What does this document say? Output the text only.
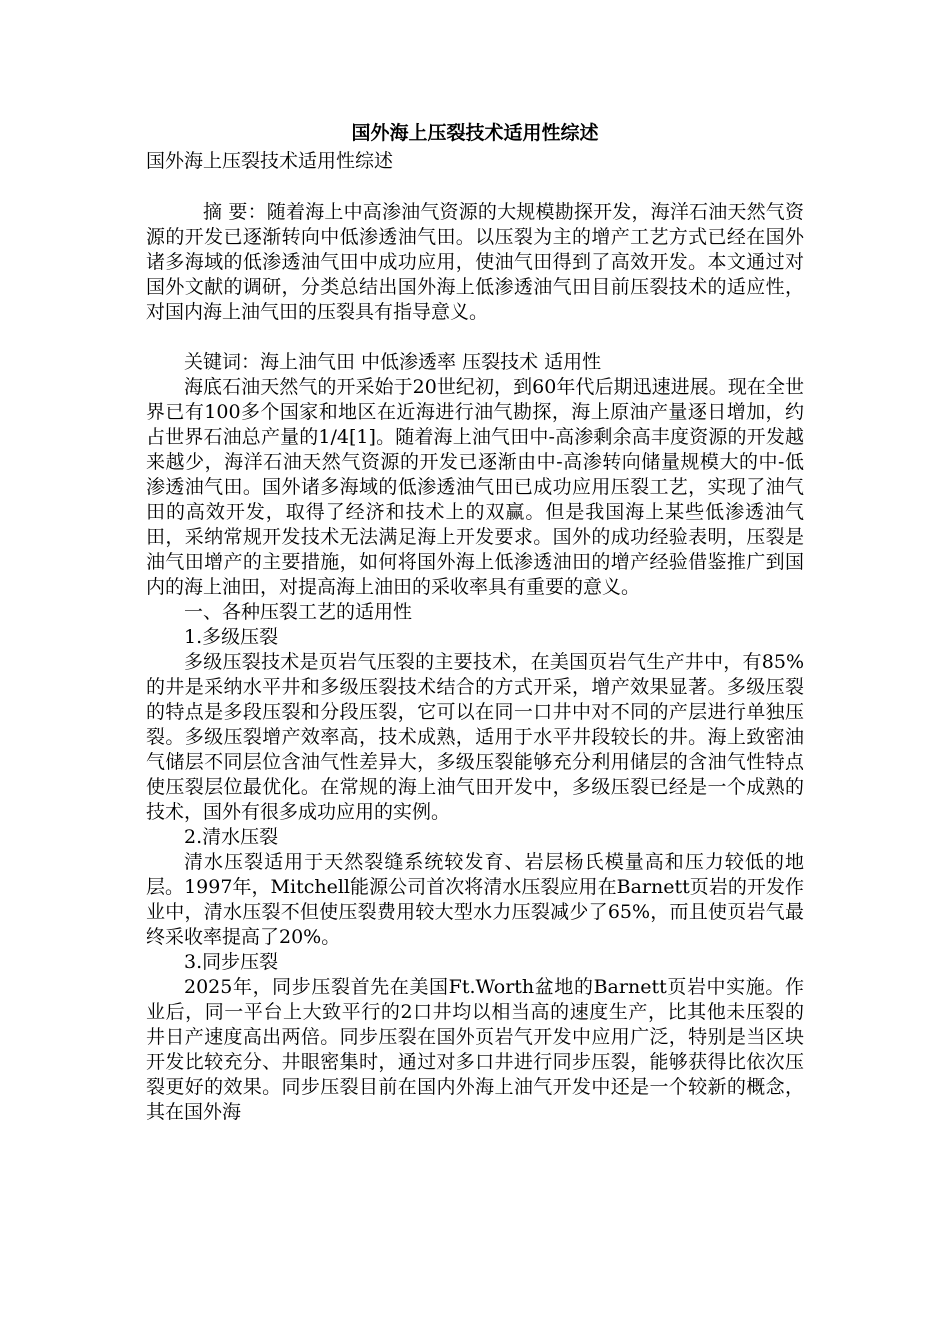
国外海上压裂技术适用性综述

国外海上压裂技术适用性综述

摘 要：随着海上中高渗油气资源的大规模勘探开发，海洋石油天然气资源的开发已逐渐转向中低渗透油气田。以压裂为主的增产工艺方式已经在国外诸多海域的低渗透油气田中成功应用，使油气田得到了高效开发。本文通过对国外文献的调研，分类总结出国外海上低渗透油气田目前压裂技术的适应性，对国内海上油气田的压裂具有指导意义。

关键词：海上油气田 中低渗透率 压裂技术 适用性

海底石油天然气的开采始于20世纪初，到60年代后期迅速进展。现在全世界已有100多个国家和地区在近海进行油气勘探，海上原油产量逐日增加，约占世界石油总产量的1/4[1]。随着海上油气田中-高渗剩余高丰度资源的开发越来越少，海洋石油天然气资源的开发已逐渐由中-高渗转向储量规模大的中-低渗透油气田。国外诸多海域的低渗透油气田已成功应用压裂工艺，实现了油气田的高效开发，取得了经济和技术上的双赢。但是我国海上某些低渗透油气田，采纳常规开发技术无法满足海上开发要求。国外的成功经验表明，压裂是油气田增产的主要措施，如何将国外海上低渗透油田的增产经验借鉴推广到国内的海上油田，对提高海上油田的采收率具有重要的意义。

一、各种压裂工艺的适用性

1.多级压裂

多级压裂技术是页岩气压裂的主要技术，在美国页岩气生产井中，有85%的井是采纳水平井和多级压裂技术结合的方式开采，增产效果显著。多级压裂的特点是多段压裂和分段压裂，它可以在同一口井中对不同的产层进行单独压裂。多级压裂增产效率高，技术成熟，适用于水平井段较长的井。海上致密油气储层不同层位含油气性差异大，多级压裂能够充分利用储层的含油气性特点使压裂层位最优化。在常规的海上油气田开发中，多级压裂已经是一个成熟的技术，国外有很多成功应用的实例。

2.清水压裂

清水压裂适用于天然裂缝系统较发育、岩层杨氏模量高和压力较低的地层。1997年，Mitchell能源公司首次将清水压裂应用在Barnett页岩的开发作业中，清水压裂不但使压裂费用较大型水力压裂减少了65%，而且使页岩气最终采收率提高了20%。

3.同步压裂

2025年，同步压裂首先在美国Ft.Worth盆地的Barnett页岩中实施。作业后，同一平台上大致平行的2口井均以相当高的速度生产，比其他未压裂的井日产速度高出两倍。同步压裂在国外页岩气开发中应用广泛，特别是当区块开发比较充分、井眼密集时，通过对多口井进行同步压裂，能够获得比依次压裂更好的效果。同步压裂目前在国内外海上油气开发中还是一个较新的概念，其在国外海
